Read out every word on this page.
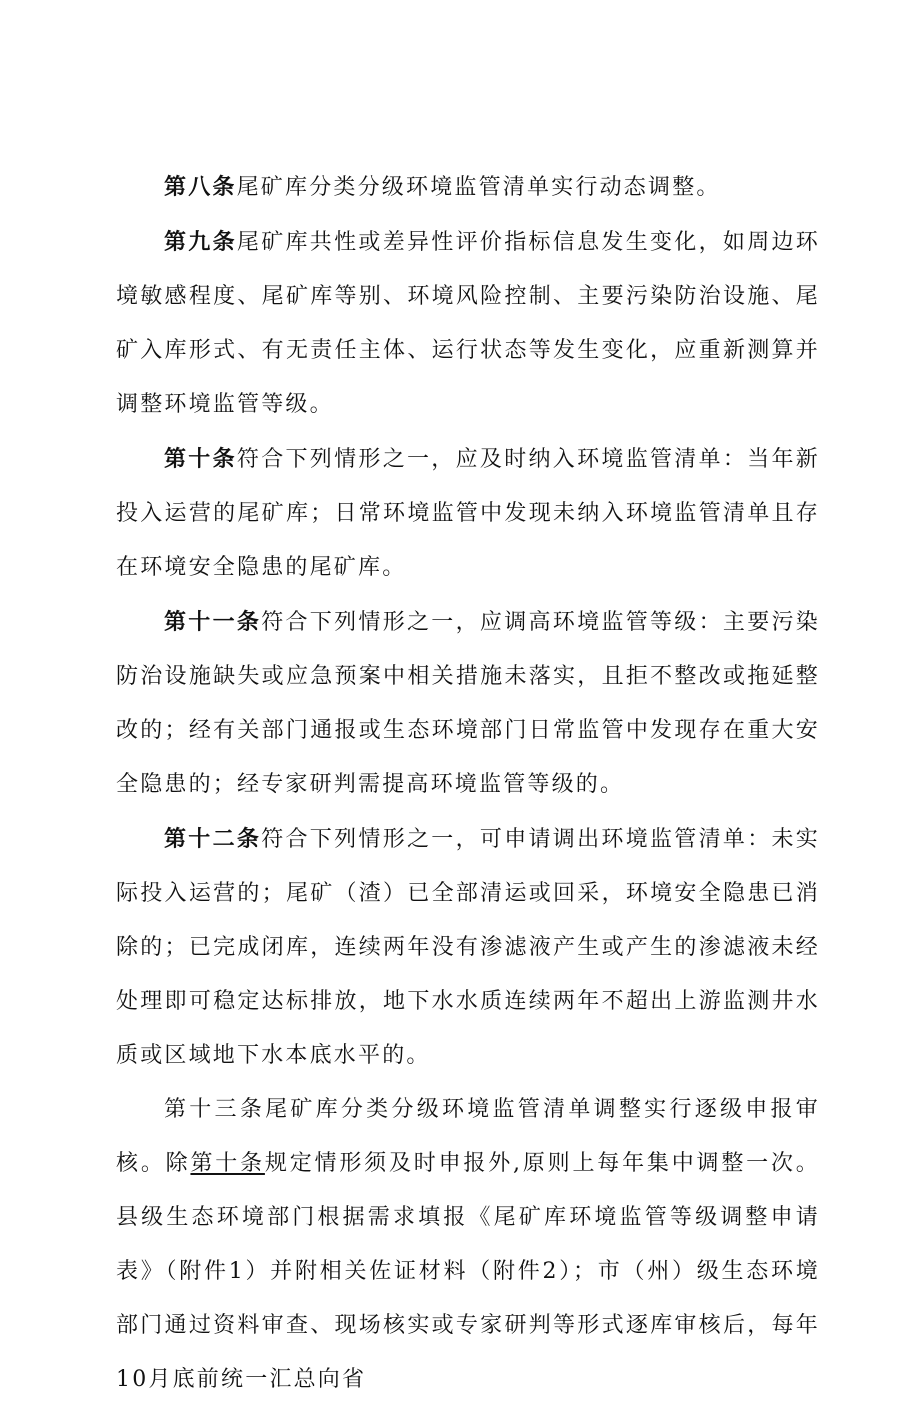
第八条尾矿库分类分级环境监管清单实行动态调整。

第九条尾矿库共性或差异性评价指标信息发生变化，如周边环境敏感程度、尾矿库等别、环境风险控制、主要污染防治设施、尾矿入库形式、有无责任主体、运行状态等发生变化，应重新测算并调整环境监管等级。

第十条符合下列情形之一，应及时纳入环境监管清单：当年新投入运营的尾矿库；日常环境监管中发现未纳入环境监管清单且存在环境安全隐患的尾矿库。

第十一条符合下列情形之一，应调高环境监管等级：主要污染防治设施缺失或应急预案中相关措施未落实，且拒不整改或拖延整改的；经有关部门通报或生态环境部门日常监管中发现存在重大安全隐患的；经专家研判需提高环境监管等级的。

第十二条符合下列情形之一，可申请调出环境监管清单：未实际投入运营的；尾矿（渣）已全部清运或回采，环境安全隐患已消除的；已完成闭库，连续两年没有渗滤液产生或产生的渗滤液未经处理即可稳定达标排放，地下水水质连续两年不超出上游监测井水质或区域地下水本底水平的。

第十三条尾矿库分类分级环境监管清单调整实行逐级申报审核。除第十条规定情形须及时申报外,原则上每年集中调整一次。县级生态环境部门根据需求填报《尾矿库环境监管等级调整申请表》（附件1）并附相关佐证材料（附件2）；市（州）级生态环境部门通过资料审查、现场核实或专家研判等形式逐库审核后，每年10月底前统一汇总向省
